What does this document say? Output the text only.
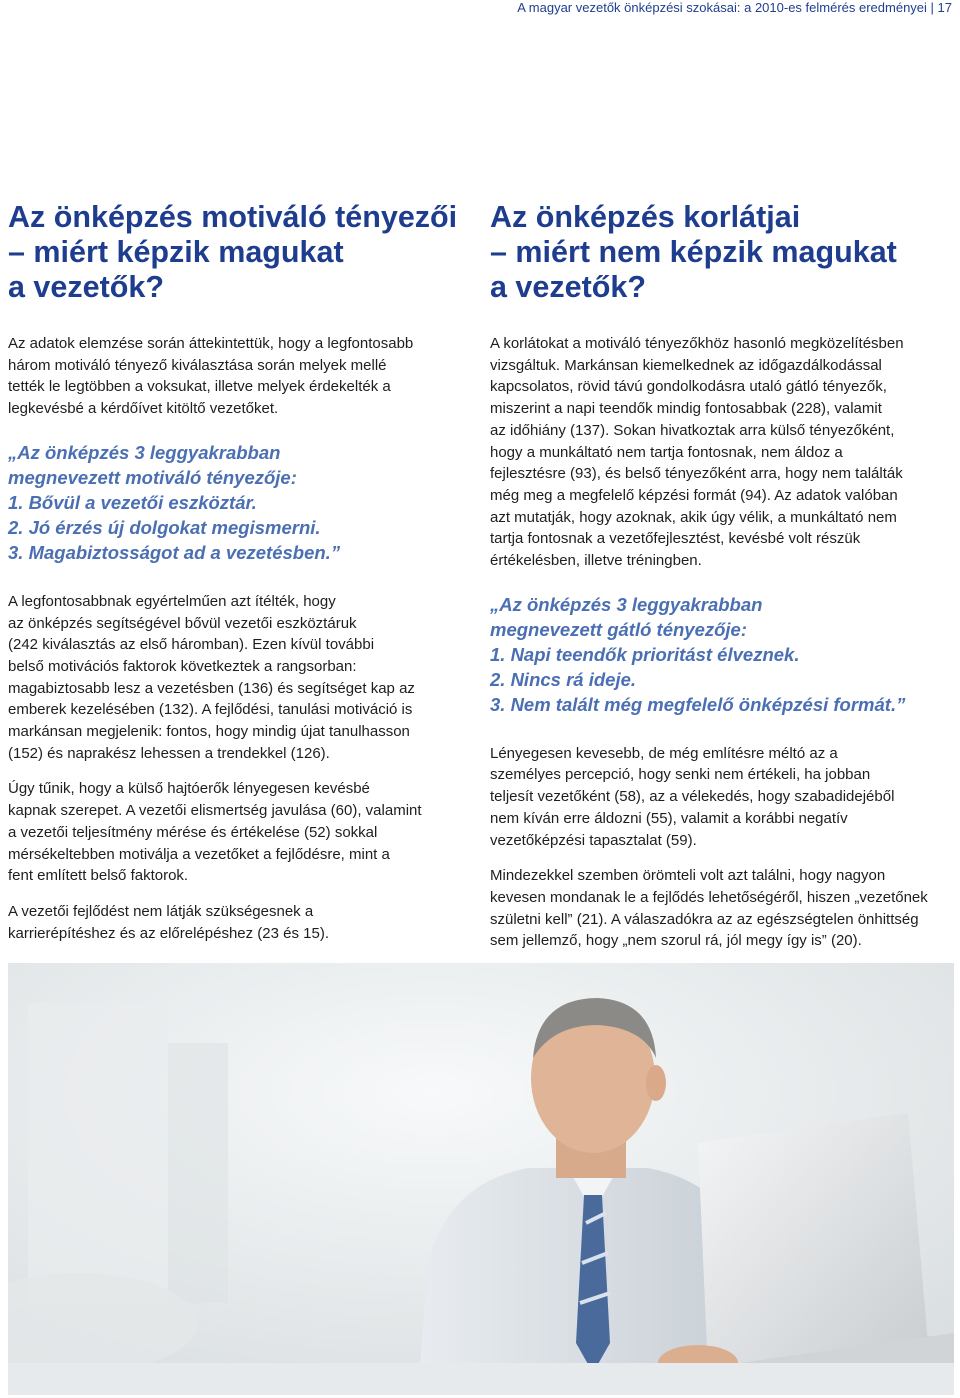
A magyar vezetők önképzési szokásai: a 2010-es felmérés eredményei | 17
Az önképzés motiváló tényezői
– miért képzik magukat
a vezetők?

Az adatok elemzése során áttekintettük, hogy a legfontosabb
három motiváló tényező kiválasztása során melyek mellé
tették le legtöbben a voksukat, illetve melyek érdekelték a
legkevésbé a kérdőívet kitöltő vezetőket.

„Az önképzés 3 leggyakrabban
megnevezett motiváló tényezője:
1. Bővül a vezetői eszköztár.
2. Jó érzés új dolgokat megismerni.
3. Magabiztosságot ad a vezetésben.”

A legfontosabbnak egyértelműen azt ítélték, hogy
az önképzés segítségével bővül vezetői eszköztáruk
(242 kiválasztás az első háromban). Ezen kívül további
belső motivációs faktorok következtek a rangsorban:
magabiztosabb lesz a vezetésben (136) és segítséget kap az
emberek kezelésében (132). A fejlődési, tanulási motiváció is
markánsan megjelenik: fontos, hogy mindig újat tanulhasson
(152) és naprakész lehessen a trendekkel (126).

Úgy tűnik, hogy a külső hajtóerők lényegesen kevésbé
kapnak szerepet. A vezetői elismertség javulása (60), valamint
a vezetői teljesítmény mérése és értékelése (52) sokkal
mérsékeltebben motiválja a vezetőket a fejlődésre, mint a
fent említett belső faktorok.

A vezetői fejlődést nem látják szükségesnek a
karrierépítéshez és az előrelépéshez (23 és 15).

Az önképzés korlátjai
– miért nem képzik magukat
a vezetők?

A korlátokat a motiváló tényezőkhöz hasonló megközelítésben
vizsgáltuk. Markánsan kiemelkednek az időgazdálkodással
kapcsolatos, rövid távú gondolkodásra utaló gátló tényezők,
miszerint a napi teendők mindig fontosabbak (228), valamit
az időhiány (137). Sokan hivatkoztak arra külső tényezőként,
hogy a munkáltató nem tartja fontosnak, nem áldoz a
fejlesztésre (93), és belső tényezőként arra, hogy nem találták
még meg a megfelelő képzési formát (94). Az adatok valóban
azt mutatják, hogy azoknak, akik úgy vélik, a munkáltató nem
tartja fontosnak a vezetőfejlesztést, kevésbé volt részük
értékelésben, illetve tréningben.

„Az önképzés 3 leggyakrabban
megnevezett gátló tényezője:
1. Napi teendők prioritást élveznek.
2. Nincs rá ideje.
3. Nem talált még megfelelő önképzési formát.”

Lényegesen kevesebb, de még említésre méltó az a
személyes percepció, hogy senki nem értékeli, ha jobban
teljesít vezetőként (58), az a vélekedés, hogy szabadidejéből
nem kíván erre áldozni (55), valamit a korábbi negatív
vezetőképzési tapasztalat (59).

Mindezekkel szemben örömteli volt azt találni, hogy nagyon
kevesen mondanak le a fejlődés lehetőségéről, hiszen „vezetőnek
születni kell” (21). A válaszadókra az az egészségtelen önhittség
sem jellemző, hogy „nem szorul rá, jól megy így is” (20).
